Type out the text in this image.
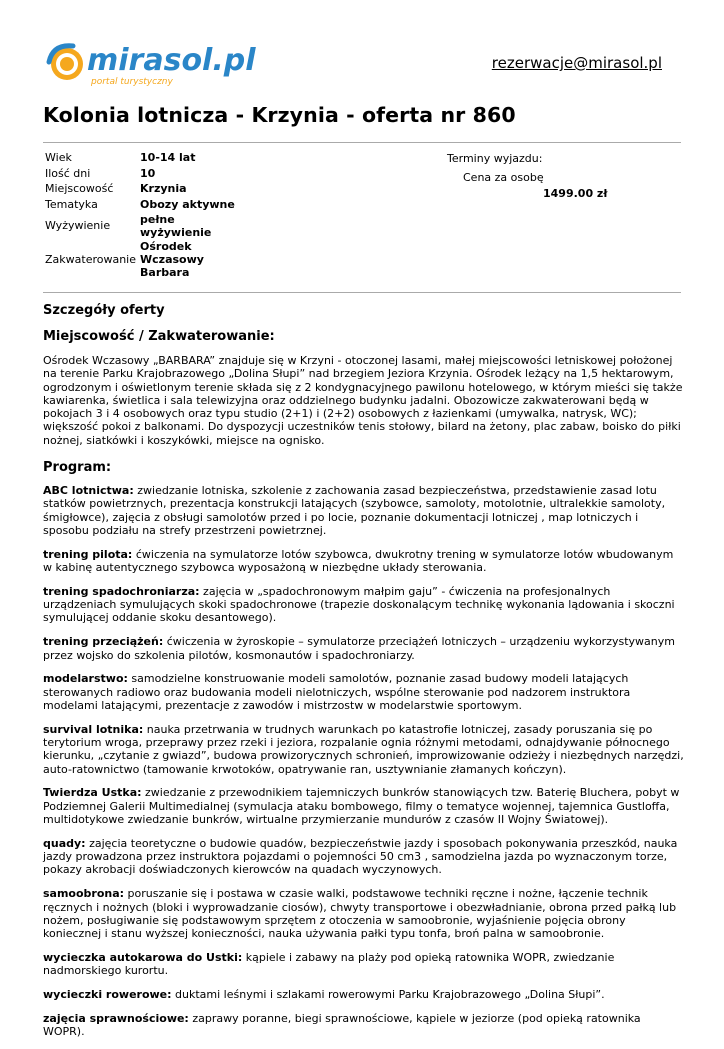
mirasol.pl
portal turystyczny
rezerwacje@mirasol.pl
Kolonia lotnicza - Krzynia - oferta nr 860
Wiek	10-14 lat
Ilość dni	10
Miejscowość	Krzynia
Tematyka	Obozy aktywne
Wyżywienie	pełne wyżywienie
Zakwaterowanie	Ośrodek Wczasowy Barbara
Terminy wyjazdu:
Cena za osobę
1499.00 zł
Szczegóły oferty
Miejscowość / Zakwaterowanie:

Ośrodek Wczasowy „BARBARA” znajduje się w Krzyni - otoczonej lasami, małej miejscowości letniskowej położonej na terenie Parku Krajobrazowego „Dolina Słupi” nad brzegiem Jeziora Krzynia. Ośrodek leżący na 1,5 hektarowym, ogrodzonym i oświetlonym terenie składa się z 2 kondygnacyjnego pawilonu hotelowego, w którym mieści się także kawiarenka, świetlica i sala telewizyjna oraz oddzielnego budynku jadalni. Obozowicze zakwaterowani będą w pokojach 3 i 4 osobowych oraz typu studio (2+1) i (2+2) osobowych z łazienkami (umywalka, natrysk, WC); większość pokoi z balkonami. Do dyspozycji uczestników tenis stołowy, bilard na żetony, plac zabaw, boisko do piłki nożnej, siatkówki i koszykówki, miejsce na ognisko.

Program:

ABC lotnictwa: zwiedzanie lotniska, szkolenie z zachowania zasad bezpieczeństwa, przedstawienie zasad lotu statków powietrznych, prezentacja konstrukcji latających (szybowce, samoloty, motolotnie, ultralekkie samoloty, śmigłowce), zajęcia z obsługi samolotów przed i po locie, poznanie dokumentacji lotniczej , map lotniczych i sposobu podziału na strefy przestrzeni powietrznej.

trening pilota: ćwiczenia na symulatorze lotów szybowca, dwukrotny trening w symulatorze lotów wbudowanym w kabinę autentycznego szybowca wyposażoną w niezbędne układy sterowania.

trening spadochroniarza: zajęcia w „spadochronowym małpim gaju” - ćwiczenia na profesjonalnych urządzeniach symulujących skoki spadochronowe (trapezie doskonalącym technikę wykonania lądowania i skoczni symulującej oddanie skoku desantowego).

trening przeciążeń: ćwiczenia w żyroskopie – symulatorze przeciążeń lotniczych – urządzeniu wykorzystywanym przez wojsko do szkolenia pilotów, kosmonautów i spadochroniarzy.

modelarstwo: samodzielne konstruowanie modeli samolotów, poznanie zasad budowy modeli latających sterowanych radiowo oraz budowania modeli nielotniczych, wspólne sterowanie pod nadzorem instruktora modelami latającymi, prezentacje z zawodów i mistrzostw w modelarstwie sportowym.

survival lotnika: nauka przetrwania w trudnych warunkach po katastrofie lotniczej, zasady poruszania się po terytorium wroga, przeprawy przez rzeki i jeziora, rozpalanie ognia różnymi metodami, odnajdywanie północnego kierunku, „czytanie z gwiazd”, budowa prowizorycznych schronień, improwizowanie odzieży i niezbędnych narzędzi, auto-ratownictwo (tamowanie krwotoków, opatrywanie ran, usztywnianie złamanych kończyn).

Twierdza Ustka: zwiedzanie z przewodnikiem tajemniczych bunkrów stanowiących tzw. Baterię Bluchera, pobyt w Podziemnej Galerii Multimedialnej (symulacja ataku bombowego, filmy o tematyce wojennej, tajemnica Gustloffa, multidotykowe zwiedzanie bunkrów, wirtualne przymierzanie mundurów z czasów II Wojny Światowej).

quady: zajęcia teoretyczne o budowie quadów, bezpieczeństwie jazdy i sposobach pokonywania przeszkód, nauka jazdy prowadzona przez instruktora pojazdami o pojemności 50 cm3 , samodzielna jazda po wyznaczonym torze, pokazy akrobacji doświadczonych kierowców na quadach wyczynowych.

samoobrona: poruszanie się i postawa w czasie walki, podstawowe techniki ręczne i nożne, łączenie technik ręcznych i nożnych (bloki i wyprowadzanie ciosów), chwyty transportowe i obezwładnianie, obrona przed pałką lub nożem, posługiwanie się podstawowym sprzętem z otoczenia w samoobronie, wyjaśnienie pojęcia obrony koniecznej i stanu wyższej konieczności, nauka używania pałki typu tonfa, broń palna w samoobronie.

wycieczka autokarowa do Ustki: kąpiele i zabawy na plaży pod opieką ratownika WOPR, zwiedzanie nadmorskiego kurortu.

wycieczki rowerowe: duktami leśnymi i szlakami rowerowymi Parku Krajobrazowego „Dolina Słupi”.

zajęcia sprawnościowe: zaprawy poranne, biegi sprawnościowe, kąpiele w jeziorze (pod opieką ratownika WOPR).
